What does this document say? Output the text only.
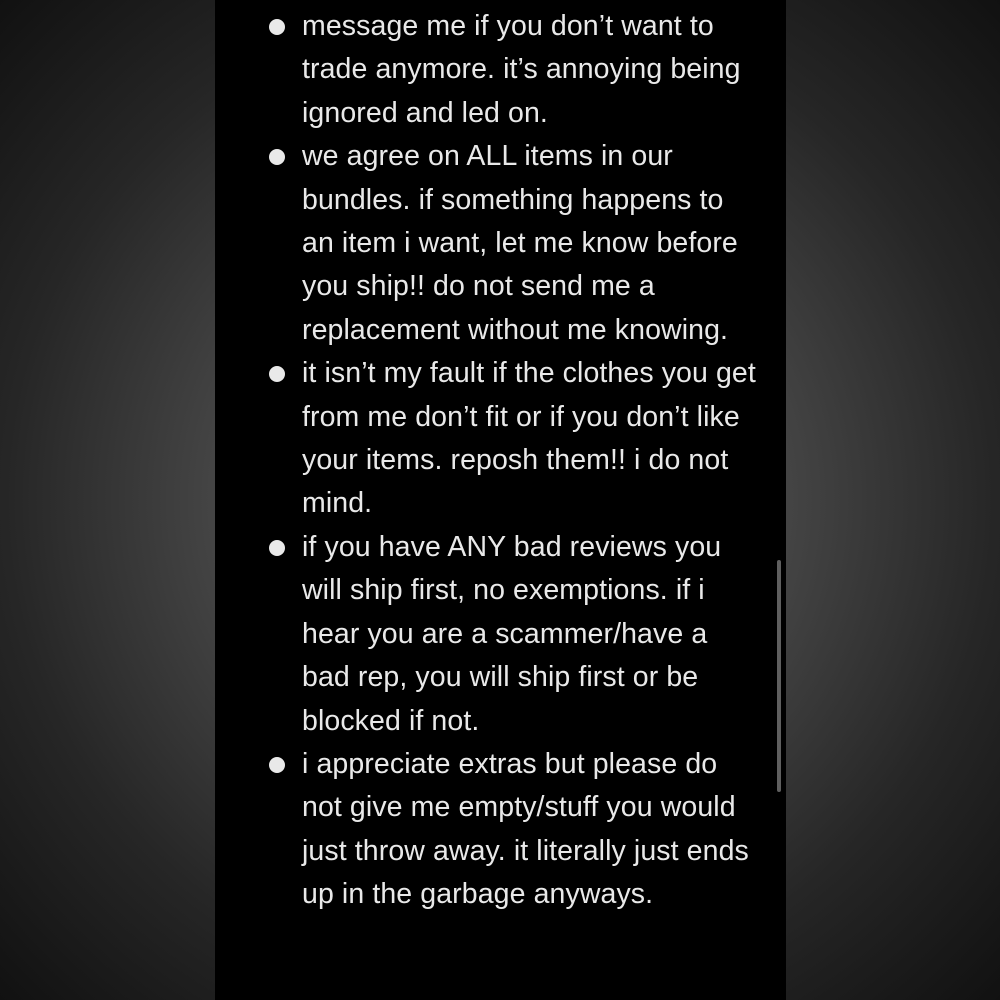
message me if you don’t want to trade anymore. it’s annoying being ignored and led on.
we agree on ALL items in our bundles. if something happens to an item i want, let me know before you ship!! do not send me a replacement without me knowing.
it isn’t my fault if the clothes you get from me don’t fit or if you don’t like your items. reposh them!! i do not mind.
if you have ANY bad reviews you will ship first, no exemptions. if i hear you are a scammer/have a bad rep, you will ship first or be blocked if not.
i appreciate extras but please do not give me empty/stuff you would just throw away. it literally just ends up in the garbage anyways.
